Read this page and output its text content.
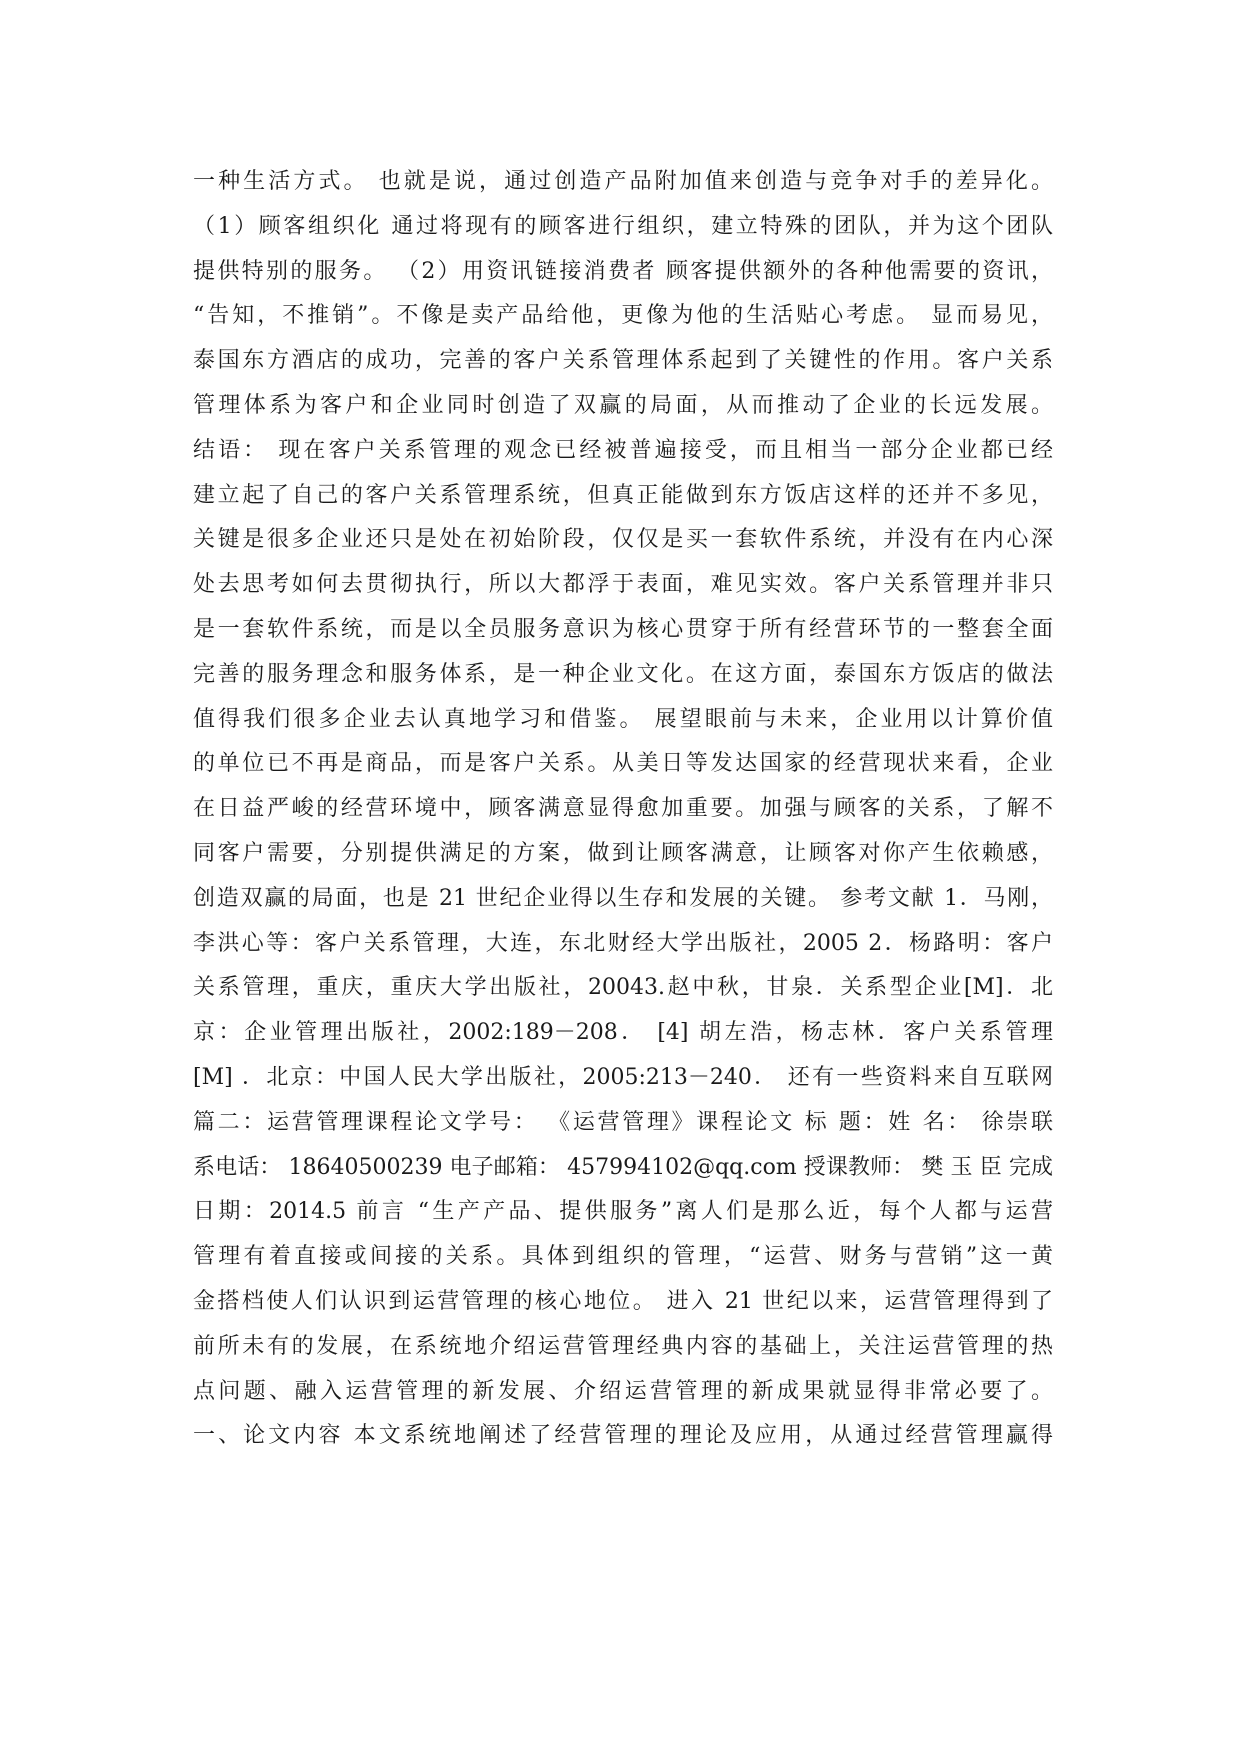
一种生活方式。 也就是说，通过创造产品附加值来创造与竞争对手的差异化。
（1）顾客组织化 通过将现有的顾客进行组织，建立特殊的团队，并为这个团队
提供特别的服务。 （2）用资讯链接消费者 顾客提供额外的各种他需要的资讯，
“告知，不推销”。不像是卖产品给他，更像为他的生活贴心考虑。 显而易见，
泰国东方酒店的成功，完善的客户关系管理体系起到了关键性的作用。客户关系
管理体系为客户和企业同时创造了双赢的局面，从而推动了企业的长远发展。
结语： 现在客户关系管理的观念已经被普遍接受，而且相当一部分企业都已经
建立起了自己的客户关系管理系统，但真正能做到东方饭店这样的还并不多见，
关键是很多企业还只是处在初始阶段，仅仅是买一套软件系统，并没有在内心深
处去思考如何去贯彻执行，所以大都浮于表面，难见实效。客户关系管理并非只
是一套软件系统，而是以全员服务意识为核心贯穿于所有经营环节的一整套全面
完善的服务理念和服务体系，是一种企业文化。在这方面，泰国东方饭店的做法
值得我们很多企业去认真地学习和借鉴。 展望眼前与未来，企业用以计算价值
的单位已不再是商品，而是客户关系。从美日等发达国家的经营现状来看，企业
在日益严峻的经营环境中，顾客满意显得愈加重要。加强与顾客的关系，了解不
同客户需要，分别提供满足的方案，做到让顾客满意，让顾客对你产生依赖感，
创造双赢的局面，也是 21 世纪企业得以生存和发展的关键。 参考文献 1．马刚，
李洪心等：客户关系管理，大连，东北财经大学出版社，2005 2．杨路明：客户
关系管理，重庆，重庆大学出版社，20043.赵中秋，甘泉．关系型企业[M]．北
京：企业管理出版社，2002:189－208． [4] 胡左浩，杨志林．客户关系管理
[M] ．北京：中国人民大学出版社，2005:213－240． 还有一些资料来自互联网
篇二：运营管理课程论文学号： 《运营管理》课程论文 标 题：姓 名： 徐崇联
系电话： 18640500239 电子邮箱： 457994102@qq.com 授课教师： 樊 玉 臣 完成
日期：2014.5 前言 “生产产品、提供服务”离人们是那么近，每个人都与运营
管理有着直接或间接的关系。具体到组织的管理，“运营、财务与营销”这一黄
金搭档使人们认识到运营管理的核心地位。 进入 21 世纪以来，运营管理得到了
前所未有的发展，在系统地介绍运营管理经典内容的基础上，关注运营管理的热
点问题、融入运营管理的新发展、介绍运营管理的新成果就显得非常必要了。
一、论文内容 本文系统地阐述了经营管理的理论及应用，从通过经营管理赢得
